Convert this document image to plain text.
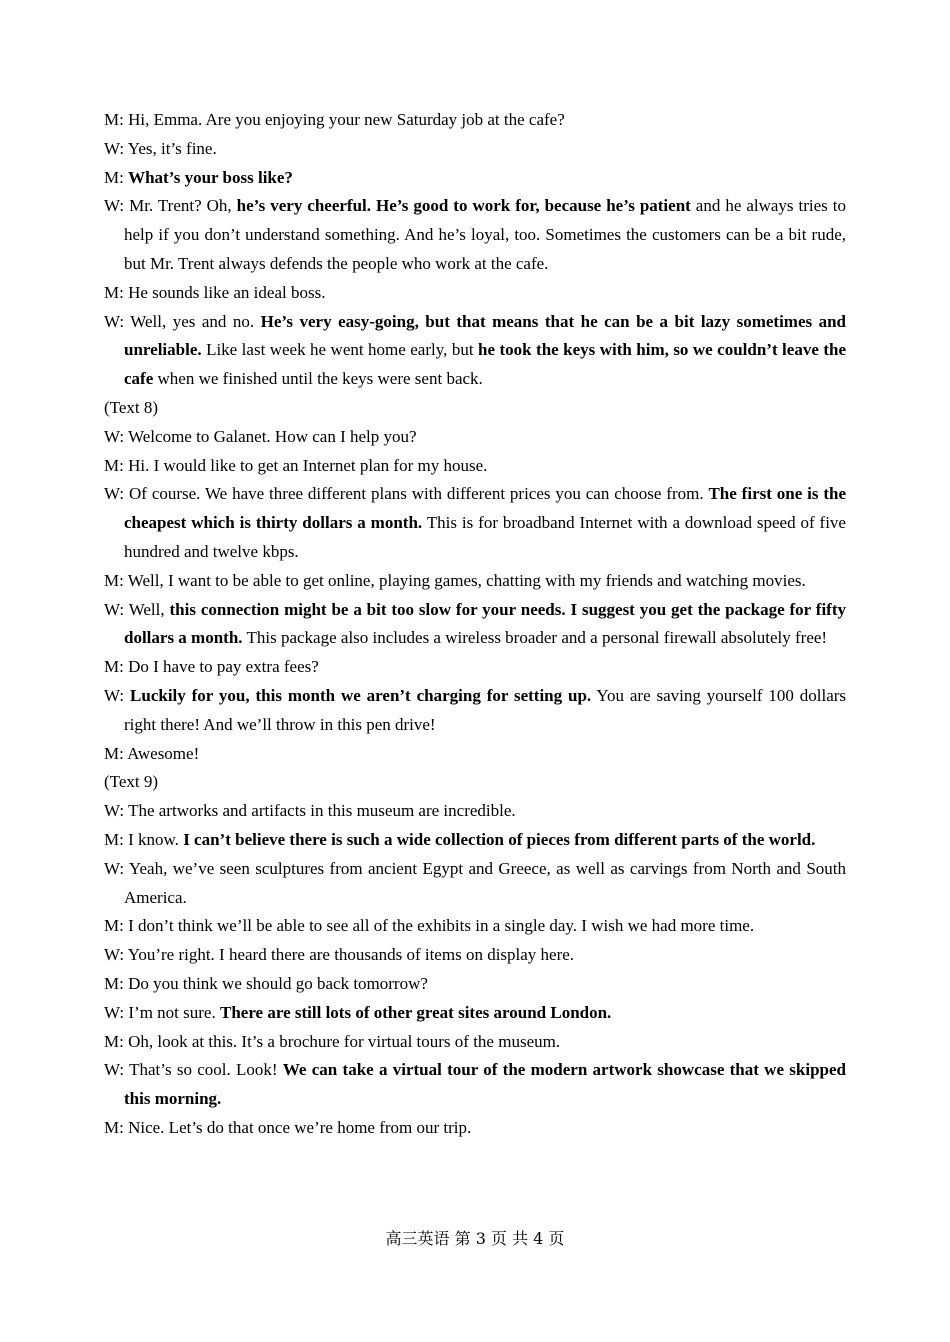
M: Hi, Emma. Are you enjoying your new Saturday job at the cafe?

W: Yes, it’s fine.

M: What’s your boss like?

W: Mr. Trent? Oh, he’s very cheerful. He’s good to work for, because he’s patient and he always tries to help if you don’t understand something. And he’s loyal, too. Sometimes the customers can be a bit rude, but Mr. Trent always defends the people who work at the cafe.

M: He sounds like an ideal boss.

W: Well, yes and no. He’s very easy-going, but that means that he can be a bit lazy sometimes and unreliable. Like last week he went home early, but he took the keys with him, so we couldn’t leave the cafe when we finished until the keys were sent back.

(Text 8)

W: Welcome to Galanet. How can I help you?

M: Hi. I would like to get an Internet plan for my house.

W: Of course. We have three different plans with different prices you can choose from. The first one is the cheapest which is thirty dollars a month. This is for broadband Internet with a download speed of five hundred and twelve kbps.

M: Well, I want to be able to get online, playing games, chatting with my friends and watching movies.

W: Well, this connection might be a bit too slow for your needs. I suggest you get the package for fifty dollars a month. This package also includes a wireless broader and a personal firewall absolutely free!

M: Do I have to pay extra fees?

W: Luckily for you, this month we aren’t charging for setting up. You are saving yourself 100 dollars right there! And we’ll throw in this pen drive!

M: Awesome!

(Text 9)

W: The artworks and artifacts in this museum are incredible.

M: I know. I can’t believe there is such a wide collection of pieces from different parts of the world.

W: Yeah, we’ve seen sculptures from ancient Egypt and Greece, as well as carvings from North and South America.

M: I don’t think we’ll be able to see all of the exhibits in a single day. I wish we had more time.

W: You’re right. I heard there are thousands of items on display here.

M: Do you think we should go back tomorrow?

W: I’m not sure. There are still lots of other great sites around London.

M: Oh, look at this. It’s a brochure for virtual tours of the museum.

W: That’s so cool. Look! We can take a virtual tour of the modern artwork showcase that we skipped this morning.

M: Nice. Let’s do that once we’re home from our trip.

高三英语 第 3 页 共 4 页
